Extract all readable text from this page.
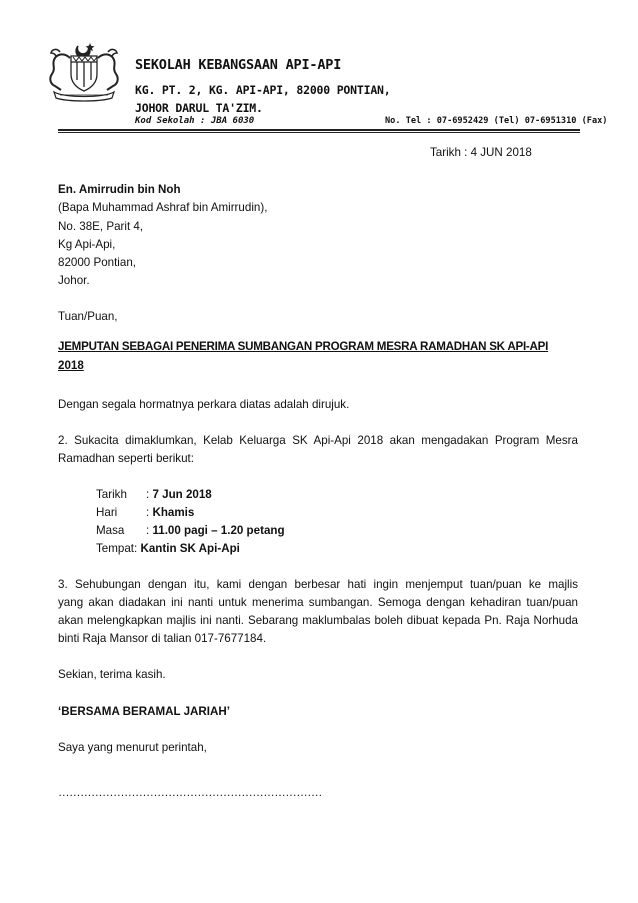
SEKOLAH KEBANGSAAN API-API
KG. PT. 2, KG. API-API, 82000 PONTIAN,
JOHOR DARUL TA'ZIM.
Kod Sekolah : JBA 6030	No. Tel : 07-6952429 (Tel) 07-6951310 (Fax)
Tarikh : 4 JUN 2018
En. Amirrudin bin Noh
(Bapa Muhammad Ashraf bin Amirrudin),
No. 38E, Parit 4,
Kg Api-Api,
82000 Pontian,
Johor.
Tuan/Puan,
JEMPUTAN SEBAGAI PENERIMA SUMBANGAN PROGRAM MESRA RAMADHAN SK API-API
2018
Dengan segala hormatnya perkara diatas adalah dirujuk.
2. Sukacita dimaklumkan, Kelab Keluarga SK Api-Api 2018 akan mengadakan Program Mesra
Ramadhan seperti berikut:
Tarikh : 7 Jun 2018
Hari : Khamis
Masa : 11.00 pagi – 1.20 petang
Tempat: Kantin SK Api-Api
3. Sehubungan dengan itu, kami dengan berbesar hati ingin menjemput tuan/puan ke majlis
yang akan diadakan ini nanti untuk menerima sumbangan. Semoga dengan kehadiran tuan/puan
akan melengkapkan majlis ini nanti. Sebarang maklumbalas boleh dibuat kepada Pn. Raja Norhuda
binti Raja Mansor di talian 017-7677184.
Sekian, terima kasih.
‘BERSAMA BERAMAL JARIAH’
Saya yang menurut perintah,
………………………………………………………………
